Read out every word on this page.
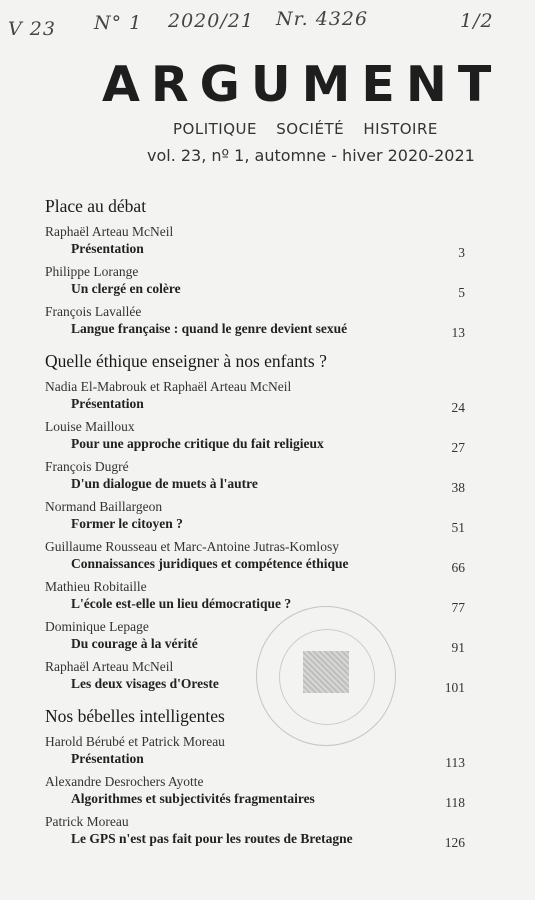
V 23 N° 1 2020/21 Nr. 4326	1/2
ARGUMENT
POLITIQUE SOCIÉTÉ HISTOIRE
vol. 23, nº 1, automne - hiver 2020-2021
Place au débat
Raphaël Arteau McNeil
Présentation	3
Philippe Lorange
Un clergé en colère	5
François Lavallée
Langue française : quand le genre devient sexué	13
Quelle éthique enseigner à nos enfants ?
Nadia El-Mabrouk et Raphaël Arteau McNeil
Présentation	24
Louise Mailloux
Pour une approche critique du fait religieux	27
François Dugré
D'un dialogue de muets à l'autre	38
Normand Baillargeon
Former le citoyen ?	51
Guillaume Rousseau et Marc-Antoine Jutras-Komlosy
Connaissances juridiques et compétence éthique	66
Mathieu Robitaille
L'école est-elle un lieu démocratique ?	77
Dominique Lepage
Du courage à la vérité	91
Raphaël Arteau McNeil
Les deux visages d'Oreste	101
Nos bébelles intelligentes
Harold Bérubé et Patrick Moreau
Présentation	113
Alexandre Desrochers Ayotte
Algorithmes et subjectivités fragmentaires	118
Patrick Moreau
Le GPS n'est pas fait pour les routes de Bretagne	126
